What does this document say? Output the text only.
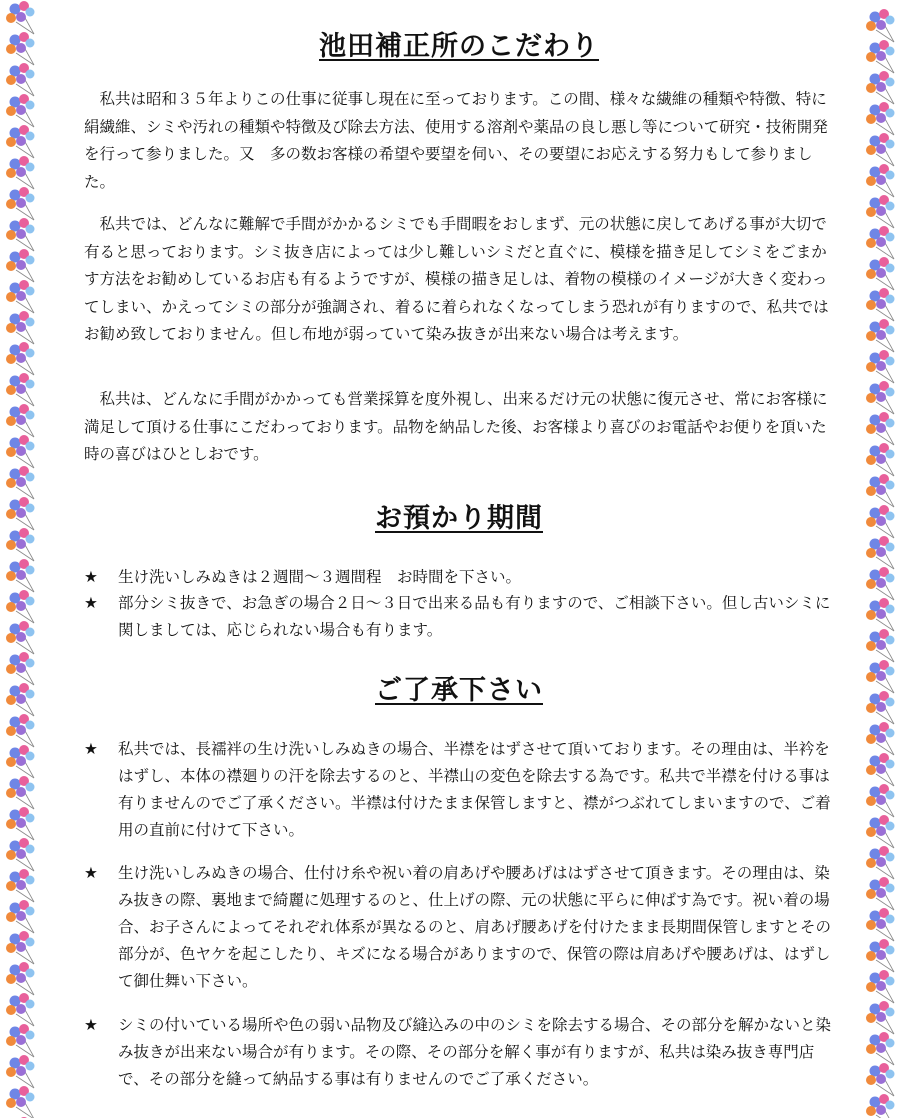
池田補正所のこだわり

　私共は昭和３５年よりこの仕事に従事し現在に至っております。この間、様々な繊維の種類や特徴、特に絹繊維、シミや汚れの種類や特徴及び除去方法、使用する溶剤や薬品の良し悪し等について研究・技術開発を行って参りました。又　多の数お客様の希望や要望を伺い、その要望にお応えする努力もして参りました。

　私共では、どんなに難解で手間がかかるシミでも手間暇をおしまず、元の状態に戻してあげる事が大切で有ると思っております。シミ抜き店によっては少し難しいシミだと直ぐに、模様を描き足してシミをごまかす方法をお勧めしているお店も有るようですが、模様の描き足しは、着物の模様のイメージが大きく変わってしまい、かえってシミの部分が強調され、着るに着られなくなってしまう恐れが有りますので、私共ではお勧め致しておりません。但し布地が弱っていて染み抜きが出来ない場合は考えます。

　私共は、どんなに手間がかかっても営業採算を度外視し、出来るだけ元の状態に復元させ、常にお客様に満足して頂ける仕事にこだわっております。品物を納品した後、お客様より喜びのお電話やお便りを頂いた時の喜びはひとしおです。

お預かり期間
★	生け洗いしみぬきは２週間～３週間程　お時間を下さい。
★	部分シミ抜きで、お急ぎの場合２日～３日で出来る品も有りますので、ご相談下さい。但し古いシミに関しましては、応じられない場合も有ります。
ご了承下さい
★	私共では、長襦袢の生け洗いしみぬきの場合、半襟をはずさせて頂いております。その理由は、半衿をはずし、本体の襟廻りの汗を除去するのと、半襟山の変色を除去する為です。私共で半襟を付ける事は有りませんのでご了承ください。半襟は付けたまま保管しますと、襟がつぶれてしまいますので、ご着用の直前に付けて下さい。
★	生け洗いしみぬきの場合、仕付け糸や祝い着の肩あげや腰あげははずさせて頂きます。その理由は、染み抜きの際、裏地まで綺麗に処理するのと、仕上げの際、元の状態に平らに伸ばす為です。祝い着の場合、お子さんによってそれぞれ体系が異なるのと、肩あげ腰あげを付けたまま長期間保管しますとその部分が、色ヤケを起こしたり、キズになる場合がありますので、保管の際は肩あげや腰あげは、はずして御仕舞い下さい。
★	シミの付いている場所や色の弱い品物及び縫込みの中のシミを除去する場合、その部分を解かないと染み抜きが出来ない場合が有ります。その際、その部分を解く事が有りますが、私共は染み抜き専門店で、その部分を縫って納品する事は有りませんのでご了承ください。
